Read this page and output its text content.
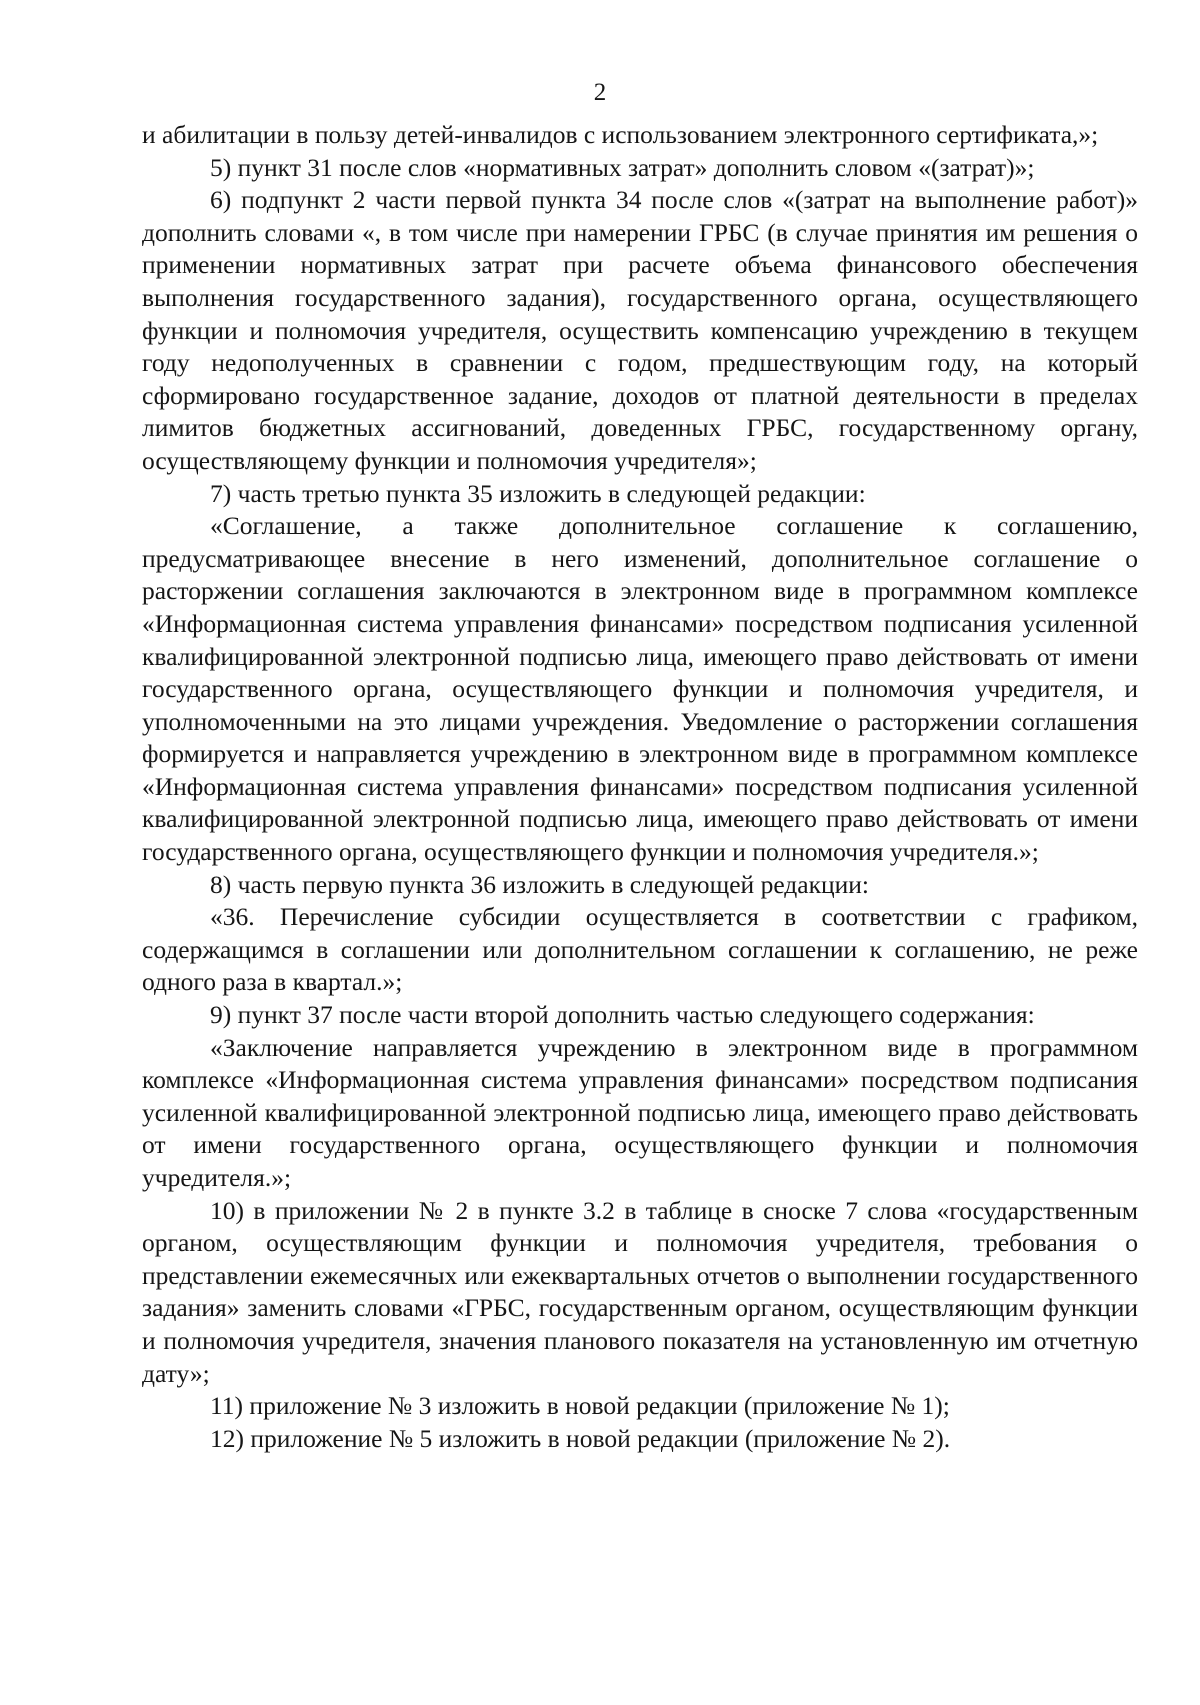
2

и абилитации в пользу детей-инвалидов с использованием электронного сертификата,»;

5) пункт 31 после слов «нормативных затрат» дополнить словом «(затрат)»;

6) подпункт 2 части первой пункта 34 после слов «(затрат на выполнение работ)» дополнить словами «, в том числе при намерении ГРБС (в случае принятия им решения о применении нормативных затрат при расчете объема финансового обеспечения выполнения государственного задания), государственного органа, осуществляющего функции и полномочия учредителя, осуществить компенсацию учреждению в текущем году недополученных в сравнении с годом, предшествующим году, на который сформировано государственное задание, доходов от платной деятельности в пределах лимитов бюджетных ассигнований, доведенных ГРБС, государственному органу, осуществляющему функции и полномочия учредителя»;

7) часть третью пункта 35 изложить в следующей редакции:

«Соглашение, а также дополнительное соглашение к соглашению, предусматривающее внесение в него изменений, дополнительное соглашение о расторжении соглашения заключаются в электронном виде в программном комплексе «Информационная система управления финансами» посредством подписания усиленной квалифицированной электронной подписью лица, имеющего право действовать от имени государственного органа, осуществляющего функции и полномочия учредителя, и уполномоченными на это лицами учреждения. Уведомление о расторжении соглашения формируется и направляется учреждению в электронном виде в программном комплексе «Информационная система управления финансами» посредством подписания усиленной квалифицированной электронной подписью лица, имеющего право действовать от имени государственного органа, осуществляющего функции и полномочия учредителя.»;

8) часть первую пункта 36 изложить в следующей редакции:

«36. Перечисление субсидии осуществляется в соответствии с графиком, содержащимся в соглашении или дополнительном соглашении к соглашению, не реже одного раза в квартал.»;

9) пункт 37 после части второй дополнить частью следующего содержания:

«Заключение направляется учреждению в электронном виде в программном комплексе «Информационная система управления финансами» посредством подписания усиленной квалифицированной электронной подписью лица, имеющего право действовать от имени государственного органа, осуществляющего функции и полномочия учредителя.»;

10) в приложении № 2 в пункте 3.2 в таблице в сноске 7 слова «государственным органом, осуществляющим функции и полномочия учредителя, требования о представлении ежемесячных или ежеквартальных отчетов о выполнении государственного задания» заменить словами «ГРБС, государственным органом, осуществляющим функции и полномочия учредителя, значения планового показателя на установленную им отчетную дату»;

11) приложение № 3 изложить в новой редакции (приложение № 1);

12) приложение № 5 изложить в новой редакции (приложение № 2).
